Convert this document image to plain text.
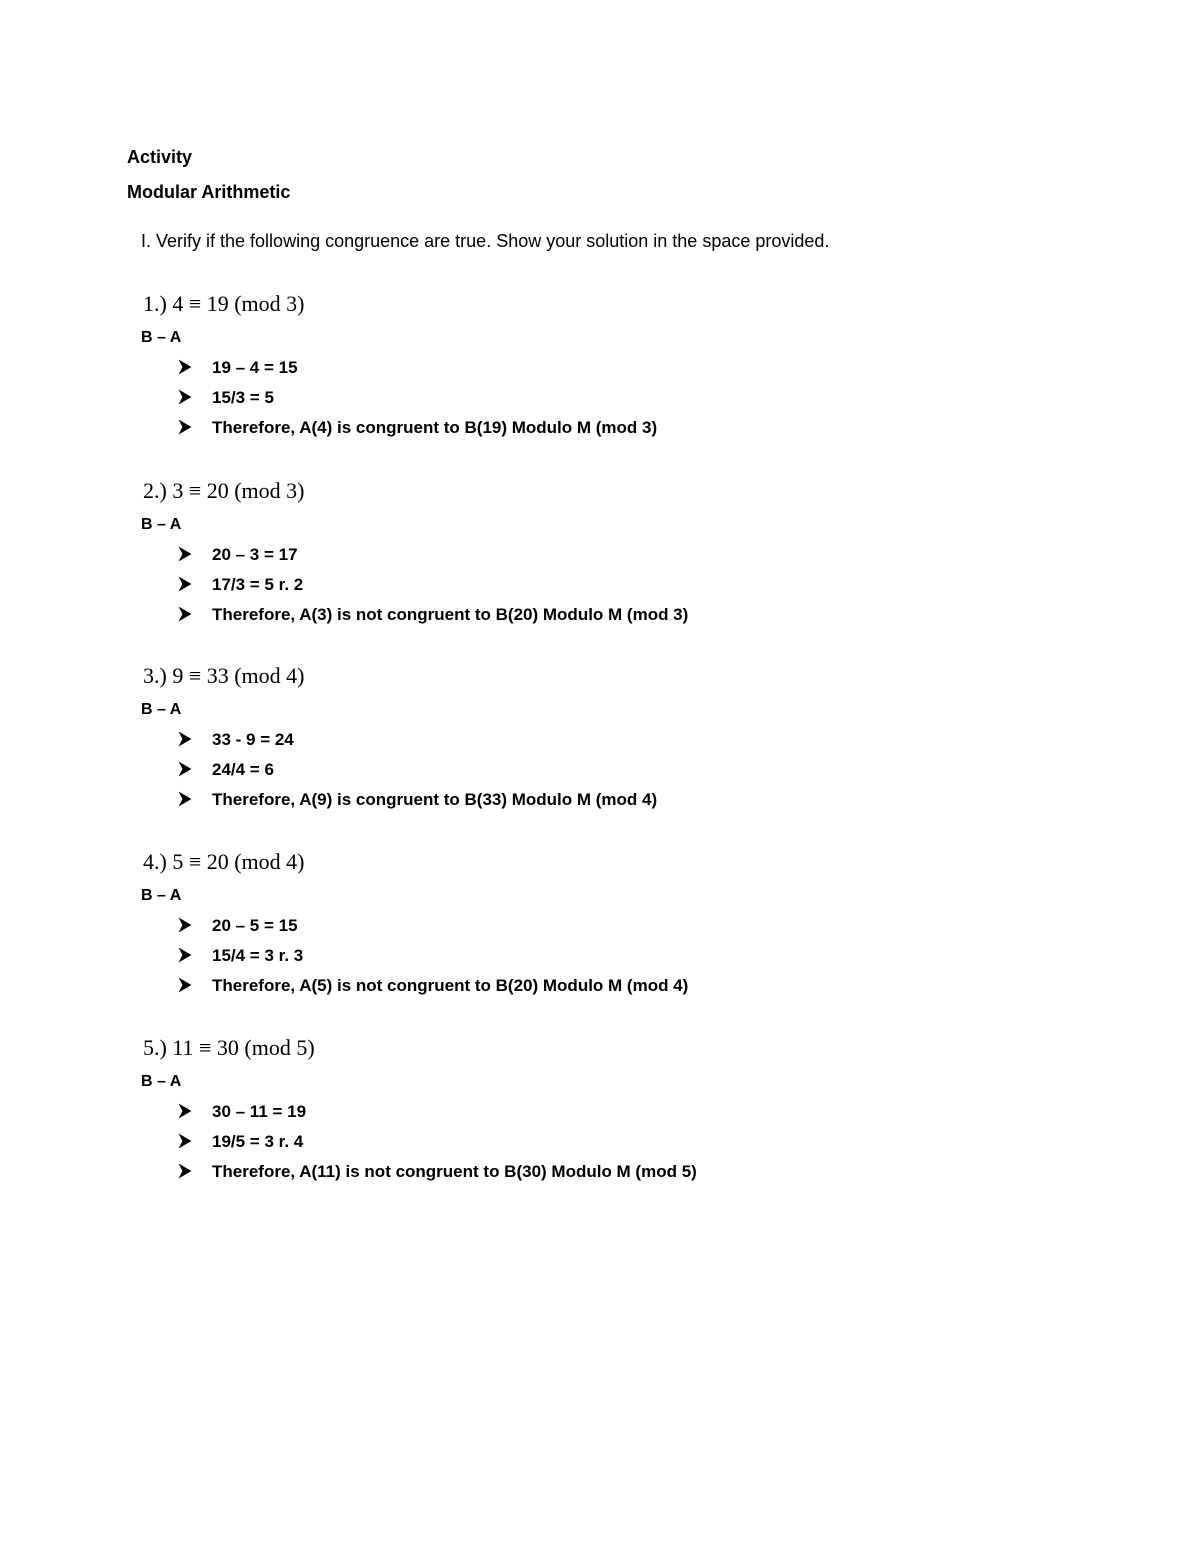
Activity
Modular Arithmetic
I. Verify if the following congruence are true. Show your solution in the space provided.
1.) 4 ≡ 19 (mod 3)
B – A
19 – 4 = 15
15/3 = 5
Therefore, A(4) is congruent to B(19) Modulo M (mod 3)
2.) 3 ≡ 20 (mod 3)
B – A
20 – 3 = 17
17/3 = 5 r. 2
Therefore, A(3) is not congruent to B(20) Modulo M (mod 3)
3.) 9 ≡ 33 (mod 4)
B – A
33 - 9 = 24
24/4 = 6
Therefore, A(9) is congruent to B(33) Modulo M (mod 4)
4.) 5 ≡ 20 (mod 4)
B – A
20 – 5 = 15
15/4 = 3 r. 3
Therefore, A(5) is not congruent to B(20) Modulo M (mod 4)
5.) 11 ≡ 30 (mod 5)
B – A
30 – 11 = 19
19/5 = 3 r. 4
Therefore, A(11) is not congruent to B(30) Modulo M (mod 5)
